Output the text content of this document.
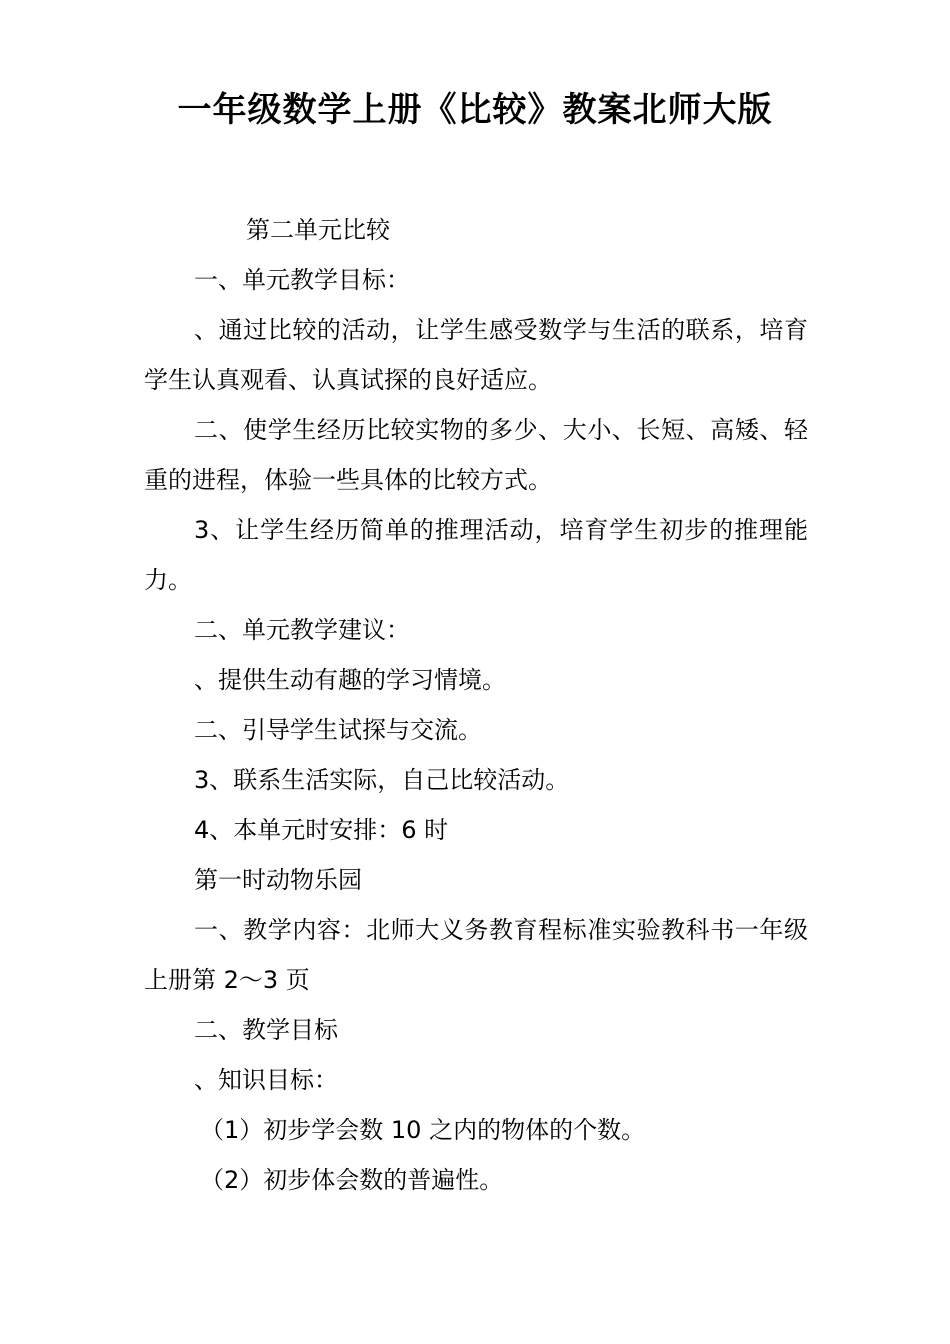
一年级数学上册《比较》教案北师大版

第二单元比较

一、单元教学目标：

、通过比较的活动，让学生感受数学与生活的联系，培育学生认真观看、认真试探的良好适应。

二、使学生经历比较实物的多少、大小、长短、高矮、轻重的进程，体验一些具体的比较方式。

3、让学生经历简单的推理活动，培育学生初步的推理能力。

二、单元教学建议：

、提供生动有趣的学习情境。

二、引导学生试探与交流。

3、联系生活实际，自己比较活动。

4、本单元时安排：6 时

第一时动物乐园

一、教学内容：北师大义务教育程标准实验教科书一年级上册第 2～3 页

二、教学目标

、知识目标：

（1）初步学会数 10 之内的物体的个数。

（2）初步体会数的普遍性。
